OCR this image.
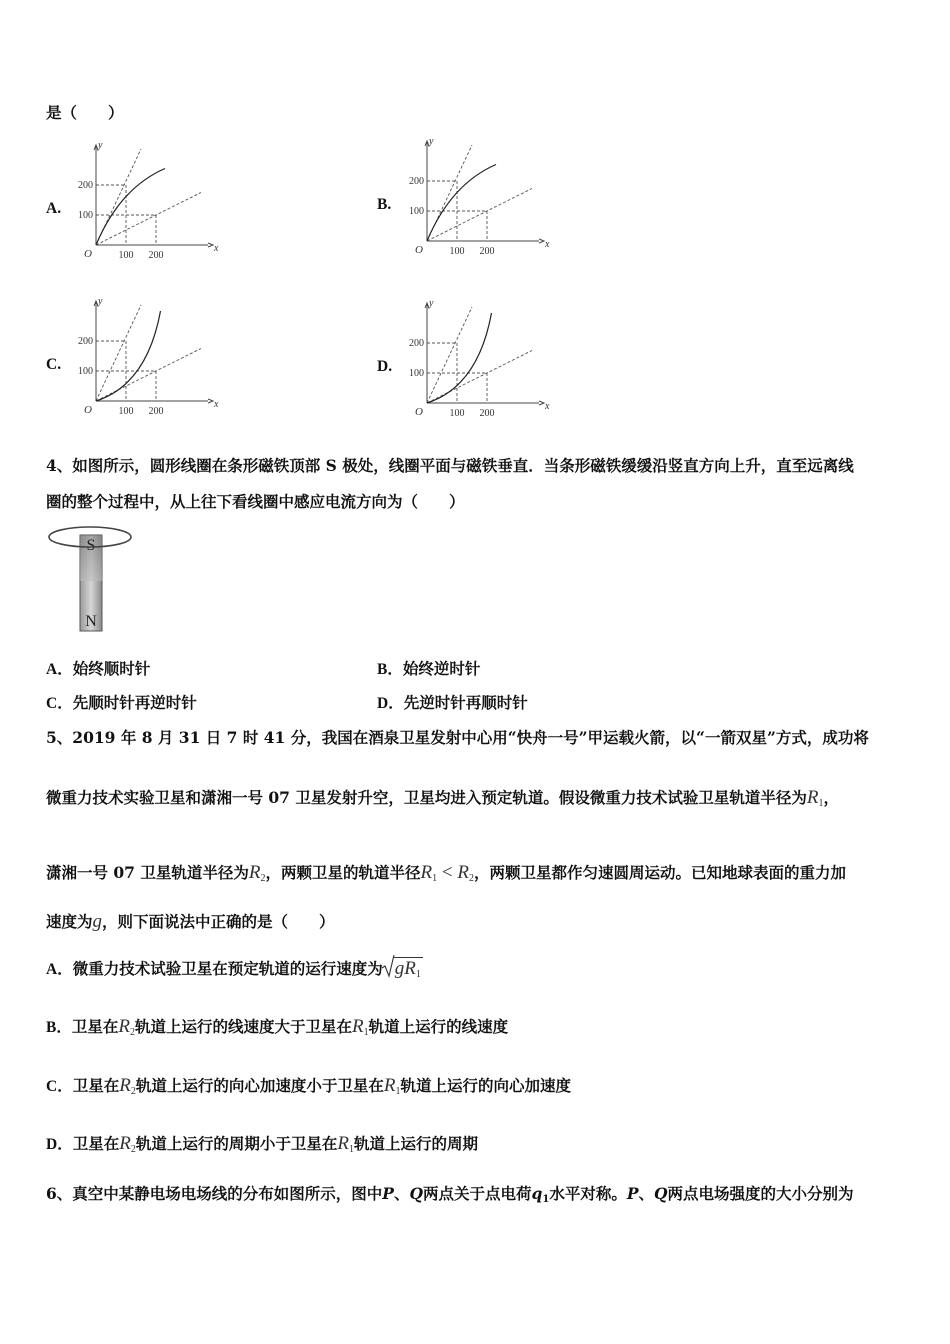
是（　　）
A.
y
x
O
200
100
100 200
B.
y
x
O
200
100
100 200
C.
y
x
O
200
100
100 200
D.
y
x
O
200
100
100 200
4、如图所示，圆形线圈在条形磁铁顶部 S 极处，线圈平面与磁铁垂直．当条形磁铁缓缓沿竖直方向上升，直至远离线
圈的整个过程中，从上往下看线圈中感应电流方向为（　　）
S
N
A．始终顺时针	B．始终逆时针
C．先顺时针再逆时针	D．先逆时针再顺时针
5、2019 年 8 月 31 日 7 时 41 分，我国在酒泉卫星发射中心用“快舟一号”甲运载火箭，以“一箭双星”方式，成功将
微重力技术实验卫星和潇湘一号 07 卫星发射升空，卫星均进入预定轨道。假设微重力技术试验卫星轨道半径为R1，
潇湘一号 07 卫星轨道半径为R2，两颗卫星的轨道半径R1 < R2，两颗卫星都作匀速圆周运动。已知地球表面的重力加
速度为g，则下面说法中正确的是（　　）
A．微重力技术试验卫星在预定轨道的运行速度为 gR1
B．卫星在R2轨道上运行的线速度大于卫星在R1轨道上运行的线速度
C．卫星在R2轨道上运行的向心加速度小于卫星在R1轨道上运行的向心加速度
D．卫星在R2轨道上运行的周期小于卫星在R1轨道上运行的周期
6、真空中某静电场电场线的分布如图所示，图中P、Q两点关于点电荷q1水平对称。P、Q两点电场强度的大小分别为
